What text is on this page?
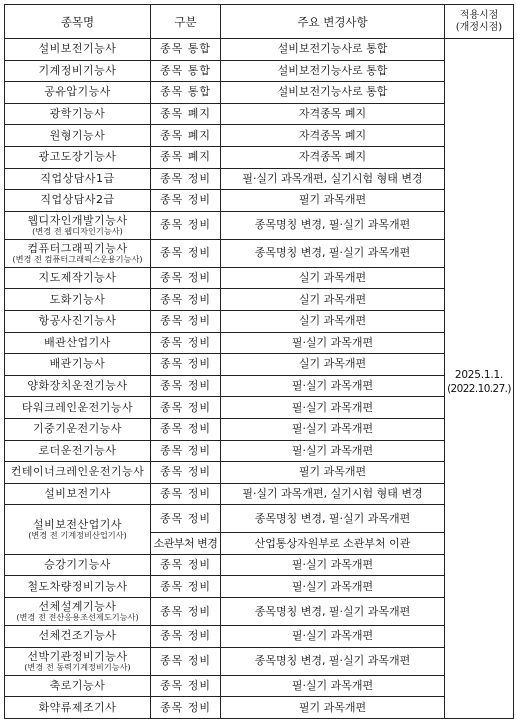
종목명	구분	주요 변경사항	적용시점
(개정시점)

설비보전기능사	종목 통합	설비보전기능사로 통합	2025.1.1.
(2022.10.27.)

기계정비기능사	종목 통합	설비보전기능사로 통합	

공유압기능사	종목 통합	설비보전기능사로 통합	

광학기능사	종목 폐지	자격종목 폐지	

원형기능사	종목 폐지	자격종목 폐지	

광고도장기능사	종목 폐지	자격종목 폐지	

직업상담사1급	종목 정비	필·실기 과목개편, 실기시험 형태 변경	

직업상담사2급	종목 정비	필기 과목개편	

웹디자인개발기능사
(변경 전 웹디자인기능사)	종목 정비	종목명칭 변경, 필·실기 과목개편	

컴퓨터그래픽기능사
(변경 전 컴퓨터그래픽스운용기능사)	종목 정비	종목명칭 변경, 필·실기 과목개편	

지도제작기능사	종목 정비	실기 과목개편	

도화기능사	종목 정비	실기 과목개편	

항공사진기능사	종목 정비	실기 과목개편	

배관산업기사	종목 정비	필·실기 과목개편	

배관기능사	종목 정비	실기 과목개편	

양화장치운전기능사	종목 정비	필·실기 과목개편	

타워크레인운전기능사	종목 정비	필·실기 과목개편	

기중기운전기능사	종목 정비	필·실기 과목개편	

로더운전기능사	종목 정비	필·실기 과목개편	

컨테이너크레인운전기능사	종목 정비	필기 과목개편	

설비보전기사	종목 정비	필·실기 과목개편, 실기시험 형태 변경	

설비보전산업기사
(변경 전 기계정비산업기사)	종목 정비	종목명칭 변경, 필·실기 과목개편	
	소관부처 변경	산업통상자원부로 소관부처 이관	

승강기기능사	종목 정비	필·실기 과목개편	

철도차량정비기능사	종목 정비	필·실기 과목개편	

선체설계기능사
(변경 전 전산응용조선제도기능사)	종목 정비	종목명칭 변경, 필·실기 과목개편	

선체건조기능사	종목 정비	필·실기 과목개편	

선박기관정비기능사
(변경 전 동력기계정비기능사)	종목 정비	종목명칭 변경, 필·실기 과목개편	

축로기능사	종목 정비	필·실기 과목개편	

화약류제조기사	종목 정비	필기 과목개편	
